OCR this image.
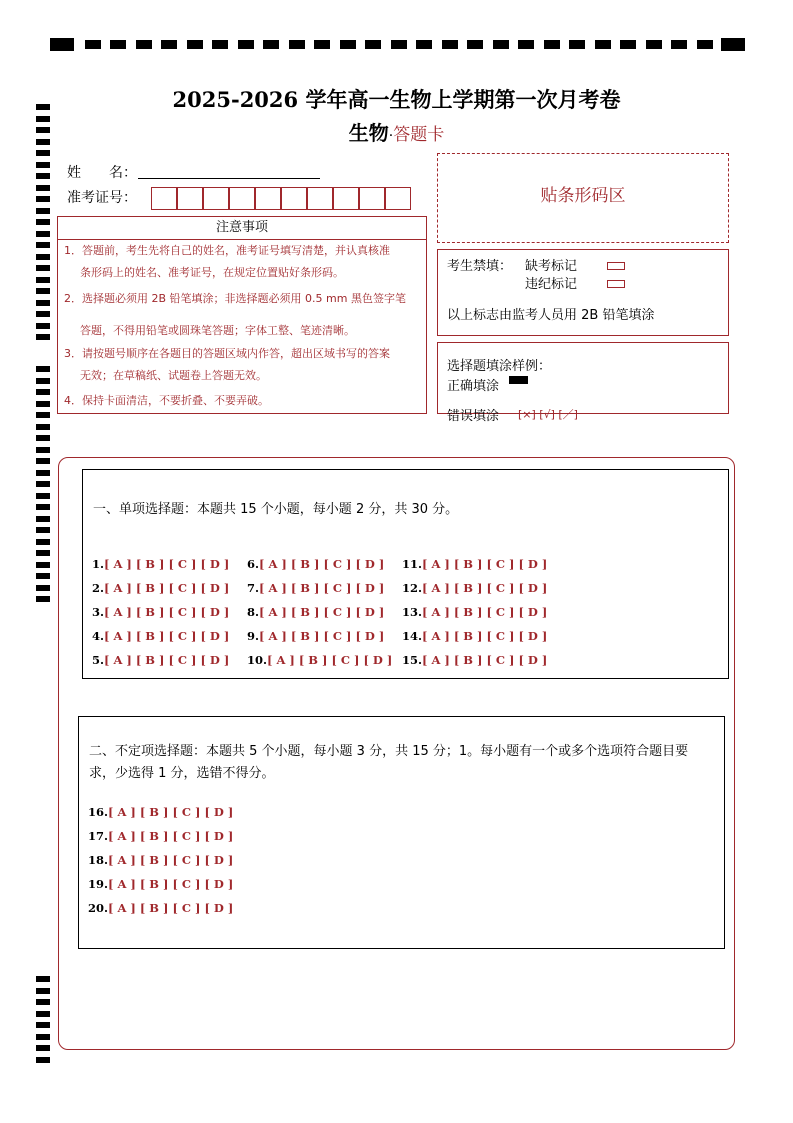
2025-2026 学年高一生物上学期第一次月考卷
生物·答题卡
姓　　名：
准考证号：
注意事项
1．答题前，考生先将自己的姓名，准考证号填写清楚，并认真核准
条形码上的姓名、准考证号，在规定位置贴好条形码。
2．选择题必须用 2B 铅笔填涂；非选择题必须用 0.5 mm 黑色签字笔
答题，不得用铅笔或圆珠笔答题；字体工整、笔迹清晰。
3．请按题号顺序在各题目的答题区域内作答，超出区域书写的答案
无效；在草稿纸、试题卷上答题无效。
4．保持卡面清洁，不要折叠、不要弄破。
贴条形码区
考生禁填： 缺考标记
违纪标记
以上标志由监考人员用 2B 铅笔填涂
选择题填涂样例：
正确填涂
错误填涂 [×] [√] [／]
一、单项选择题：本题共 15 个小题，每小题 2 分，共 30 分。
1.[ A ] [ B ] [ C ] [ D ]
2.[ A ] [ B ] [ C ] [ D ]
3.[ A ] [ B ] [ C ] [ D ]
4.[ A ] [ B ] [ C ] [ D ]
5.[ A ] [ B ] [ C ] [ D ]
6.[ A ] [ B ] [ C ] [ D ]
7.[ A ] [ B ] [ C ] [ D ]
8.[ A ] [ B ] [ C ] [ D ]
9.[ A ] [ B ] [ C ] [ D ]
10.[ A ] [ B ] [ C ] [ D ]
11.[ A ] [ B ] [ C ] [ D ]
12.[ A ] [ B ] [ C ] [ D ]
13.[ A ] [ B ] [ C ] [ D ]
14.[ A ] [ B ] [ C ] [ D ]
15.[ A ] [ B ] [ C ] [ D ]
二、不定项选择题：本题共 5 个小题，每小题 3 分，共 15 分；1。每小题有一个或多个选项符合题目要
求，少选得 1 分，选错不得分。
16.[ A ] [ B ] [ C ] [ D ]
17.[ A ] [ B ] [ C ] [ D ]
18.[ A ] [ B ] [ C ] [ D ]
19.[ A ] [ B ] [ C ] [ D ]
20.[ A ] [ B ] [ C ] [ D ]
